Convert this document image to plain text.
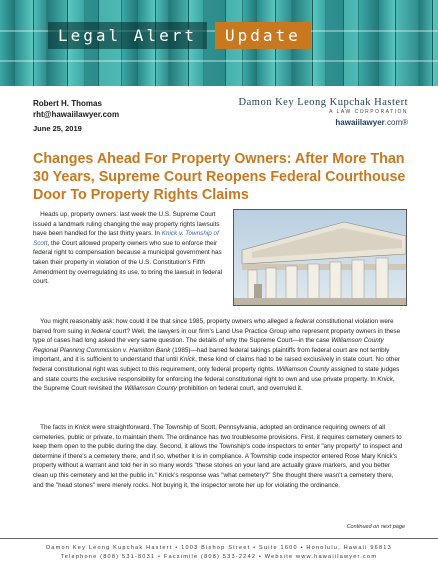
Legal Alert	Update
Robert H. Thomas
rht@hawaiilawyer.com
June 25, 2019
Damon Key Leong Kupchak Hastert
A LAW CORPORATION
hawaiilawyer.com®
Changes Ahead For Property Owners: After More Than 30 Years, Supreme Court Reopens Federal Courthouse Door To Property Rights Claims

Heads up, property owners: last week the U.S. Supreme Court issued a landmark ruling changing the way property rights lawsuits have been handled for the last thirty years. In Knick v. Township of Scott, the Court allowed property owners who sue to enforce their federal right to compensation because a municipal government has taken their property in violation of the U.S. Constitution's Fifth Amendment by overregulating its use, to bring the lawsuit in federal court.

You might reasonably ask: how could it be that since 1985, property owners who alleged a federal constitutional violation were barred from suing in federal court? Well, the lawyers in our firm's Land Use Practice Group who represent property owners in these type of cases had long asked the very same question. The details of why the Supreme Court—in the case Williamson County Regional Planning Commission v. Hamilton Bank (1985)—had barred federal takings plaintiffs from federal court are not terribly important, and it is sufficient to understand that until Knick, these kind of claims had to be raised exclusively in state court. No other federal constitutional right was subject to this requirement, only federal property rights. Williamson County assigned to state judges and state courts the exclusive responsibility for enforcing the federal constitutional right to own and use private property. In Knick, the Supreme Court revisited the Williamson County prohibition on federal court, and overruled it.

The facts in Knick were straightforward. The Township of Scott, Pennsylvania, adopted an ordinance requiring owners of all cemeteries, public or private, to maintain them. The ordinance has two troublesome provisions. First, it requires cemetery owners to keep them open to the public during the day. Second, it allows the Township's code inspectors to enter "any property" to inspect and determine if there's a cemetery there, and if so, whether it is in compliance. A Township code inspector entered Rose Mary Knick's property without a warrant and told her in so many words "these stones on your land are actually grave markers, and you better clean up this cemetery and let the public in." Knick's response was "what cemetery?" She thought there wasn't a cemetery there, and the "head stones" were merely rocks. Not buying it, the inspector wrote her up for violating the ordinance.

Continued on next page
Damon Key Leong Kupchak Hastert • 1003 Bishop Street • Suite 1600 • Honolulu, Hawaii 96813
Telephone (808) 531-8031 • Facsimile (808) 533-2242 • Website www.hawaiilawyer.com
